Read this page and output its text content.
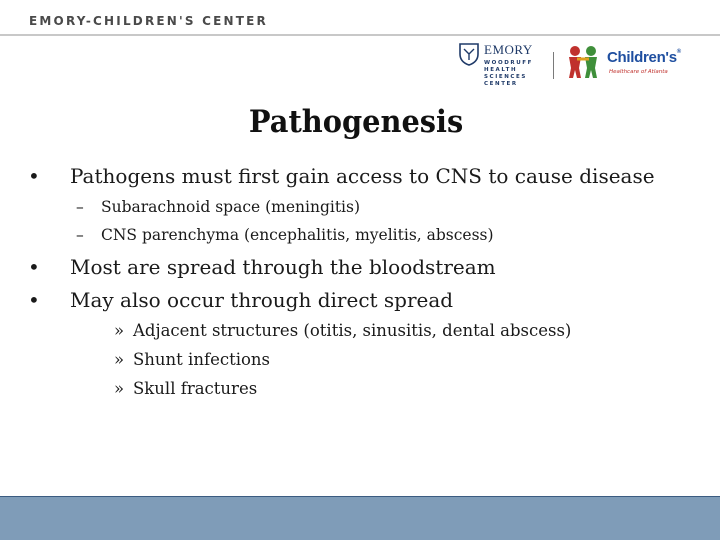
EMORY-CHILDREN'S CENTER
EMORY
WOODRUFF
HEALTH
SCIENCES
CENTER
Children's®
Healthcare of Atlanta
Pathogenesis
• Pathogens must first gain access to CNS to cause disease
– Subarachnoid space (meningitis)
– CNS parenchyma (encephalitis, myelitis, abscess)
• Most are spread through the bloodstream
• May also occur through direct spread
» Adjacent structures (otitis, sinusitis, dental abscess)
» Shunt infections
» Skull fractures
